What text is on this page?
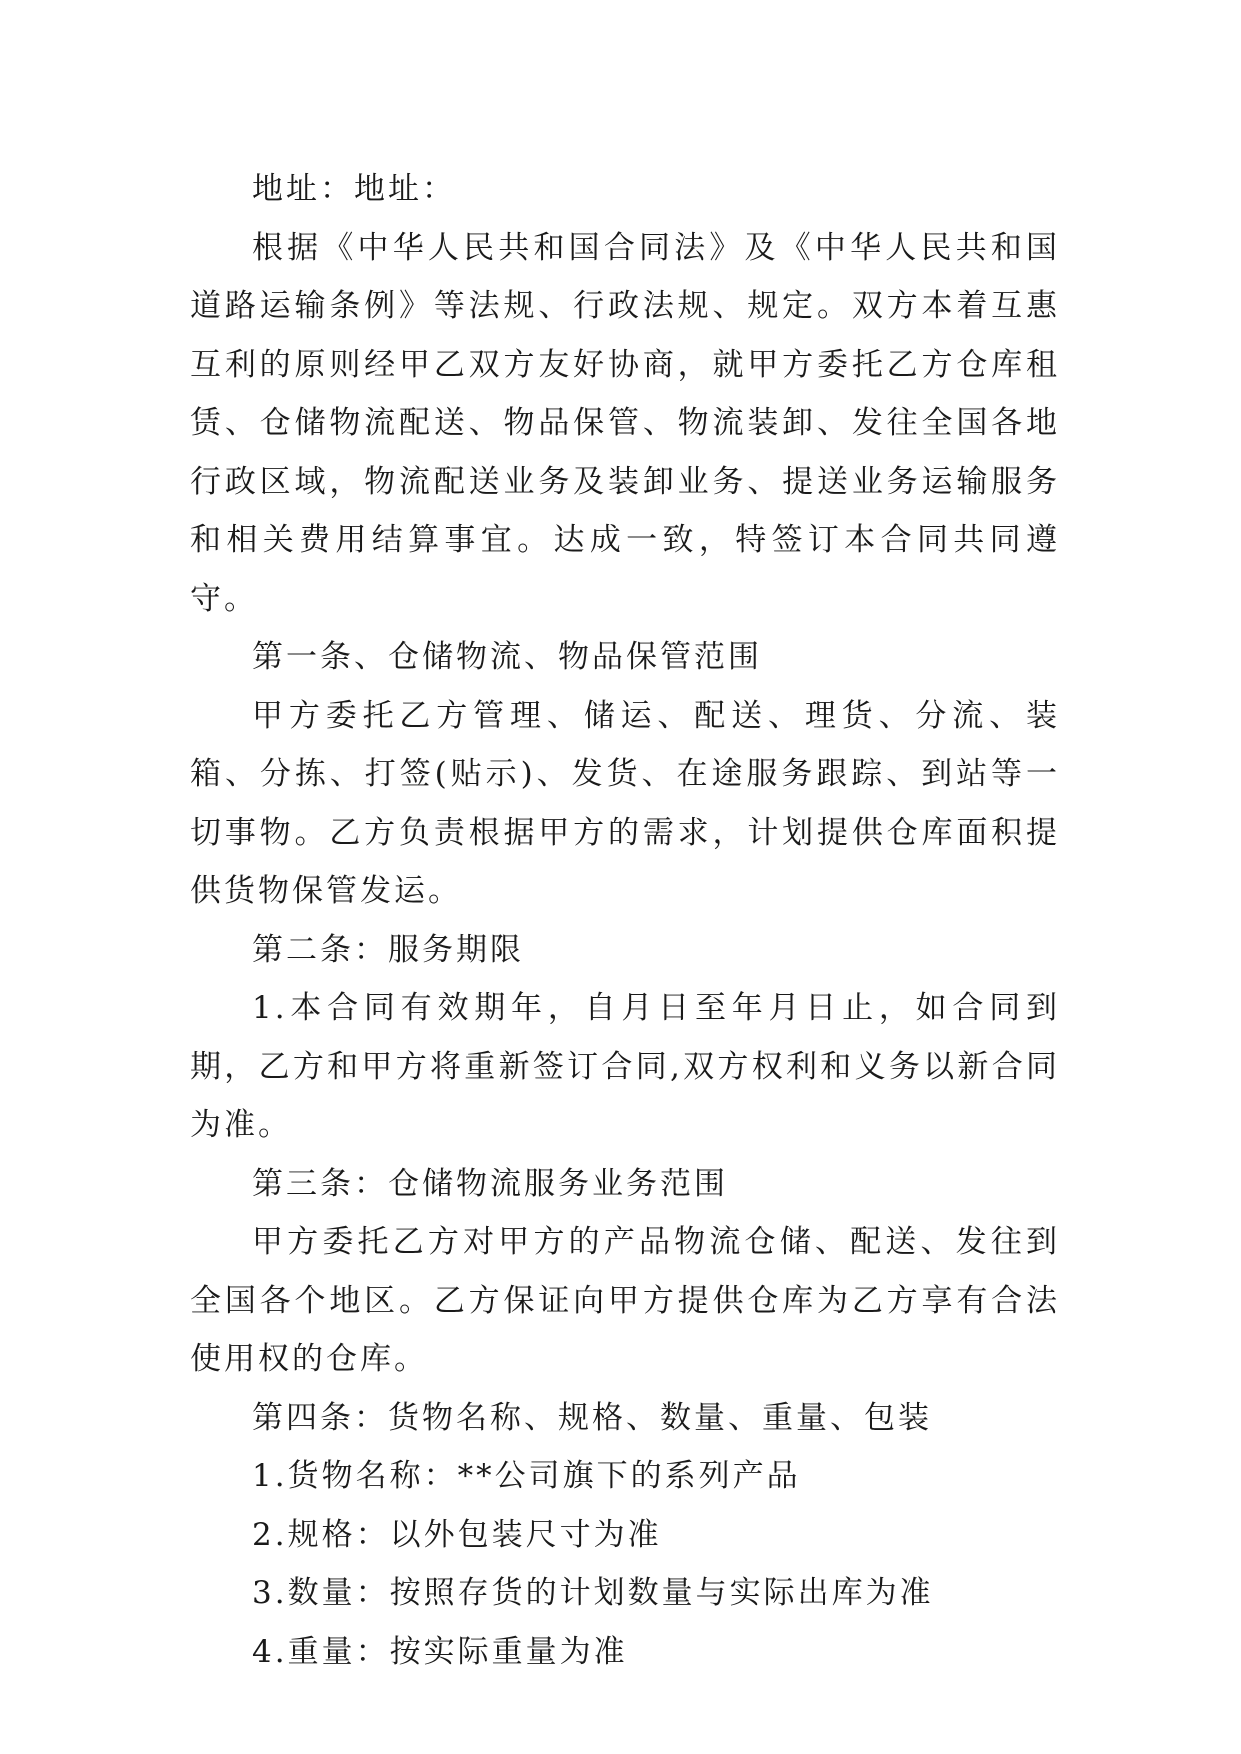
地址：地址：

根据《中华人民共和国合同法》及《中华人民共和国道路运输条例》等法规、行政法规、规定。双方本着互惠互利的原则经甲乙双方友好协商，就甲方委托乙方仓库租赁、仓储物流配送、物品保管、物流装卸、发往全国各地行政区域，物流配送业务及装卸业务、提送业务运输服务和相关费用结算事宜。达成一致，特签订本合同共同遵守。

第一条、仓储物流、物品保管范围

甲方委托乙方管理、储运、配送、理货、分流、装箱、分拣、打签(贴示)、发货、在途服务跟踪、到站等一切事物。乙方负责根据甲方的需求，计划提供仓库面积提供货物保管发运。

第二条：服务期限

1.本合同有效期年，自月日至年月日止，如合同到期，乙方和甲方将重新签订合同,双方权利和义务以新合同为准。

第三条：仓储物流服务业务范围

甲方委托乙方对甲方的产品物流仓储、配送、发往到全国各个地区。乙方保证向甲方提供仓库为乙方享有合法使用权的仓库。

第四条：货物名称、规格、数量、重量、包装

1.货物名称：**公司旗下的系列产品

2.规格：以外包装尺寸为准

3.数量：按照存货的计划数量与实际出库为准

4.重量：按实际重量为准
